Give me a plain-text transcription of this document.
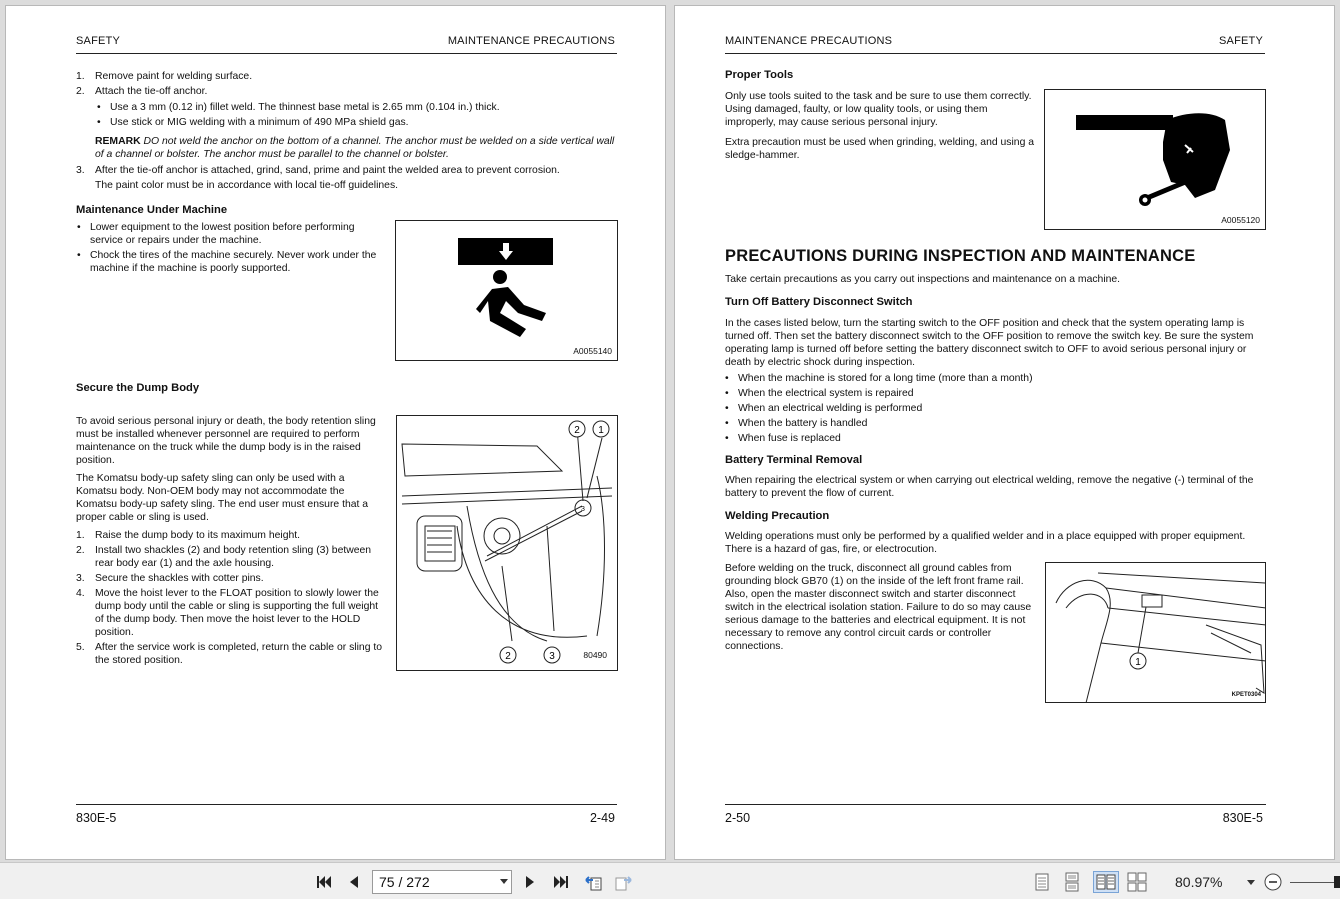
SAFETY	MAINTENANCE PRECAUTIONS
1. Remove paint for welding surface.
2. Attach the tie-off anchor.
• Use a 3 mm (0.12 in) fillet weld. The thinnest base metal is 2.65 mm (0.104 in.) thick.
• Use stick or MIG welding with a minimum of 490 MPa shield gas.
REMARK DO not weld the anchor on the bottom of a channel. The anchor must be welded on a side vertical wall of a channel or bolster. The anchor must be parallel to the channel or bolster.
3. After the tie-off anchor is attached, grind, sand, prime and paint the welded area to prevent corrosion.
The paint color must be in accordance with local tie-off guidelines.
Maintenance Under Machine
• Lower equipment to the lowest position before performing service or repairs under the machine.
• Chock the tires of the machine securely. Never work under the machine if the machine is poorly supported.
A0055140
Secure the Dump Body
To avoid serious personal injury or death, the body retention sling must be installed whenever personnel are required to perform maintenance on the truck while the dump body is in the raised position.
The Komatsu body-up safety sling can only be used with a Komatsu body. Non-OEM body may not accommodate the Komatsu body-up safety sling. The end user must ensure that a proper cable or sling is used.
1. Raise the dump body to its maximum height.
2. Install two shackles (2) and body retention sling (3) between rear body ear (1) and the axle housing.
3. Secure the shackles with cotter pins.
4. Move the hoist lever to the FLOAT position to slowly lower the dump body until the cable or sling is supporting the full weight of the dump body. Then move the hoist lever to the HOLD position.
5. After the service work is completed, return the cable or sling to the stored position.
2 1
2	3
3
80490
830E-5	2-49
MAINTENANCE PRECAUTIONS	SAFETY
Proper Tools
Only use tools suited to the task and be sure to use them correctly. Using damaged, faulty, or low quality tools, or using them improperly, may cause serious personal injury.
Extra precaution must be used when grinding, welding, and using a sledge-hammer.
A0055120
PRECAUTIONS DURING INSPECTION AND MAINTENANCE
Take certain precautions as you carry out inspections and maintenance on a machine.
Turn Off Battery Disconnect Switch
In the cases listed below, turn the starting switch to the OFF position and check that the system operating lamp is turned off. Then set the battery disconnect switch to the OFF position to remove the switch key. Be sure the system operating lamp is turned off before setting the battery disconnect switch to OFF to avoid serious personal injury or death by electric shock during inspection.
• When the machine is stored for a long time (more than a month)
• When the electrical system is repaired
• When an electrical welding is performed
• When the battery is handled
• When fuse is replaced
Battery Terminal Removal
When repairing the electrical system or when carrying out electrical welding, remove the negative (-) terminal of the battery to prevent the flow of current.
Welding Precaution
Welding operations must only be performed by a qualified welder and in a place equipped with proper equipment. There is a hazard of gas, fire, or electrocution.
Before welding on the truck, disconnect all ground cables from grounding block GB70 (1) on the inside of the left front frame rail. Also, open the master disconnect switch and starter disconnect switch in the electrical isolation station. Failure to do so may cause serious damage to the batteries and electrical equipment. It is not necessary to remove any control circuit cards or controller connections.
1
KPET0304
2-50	830E-5
75 / 272	80.97%
